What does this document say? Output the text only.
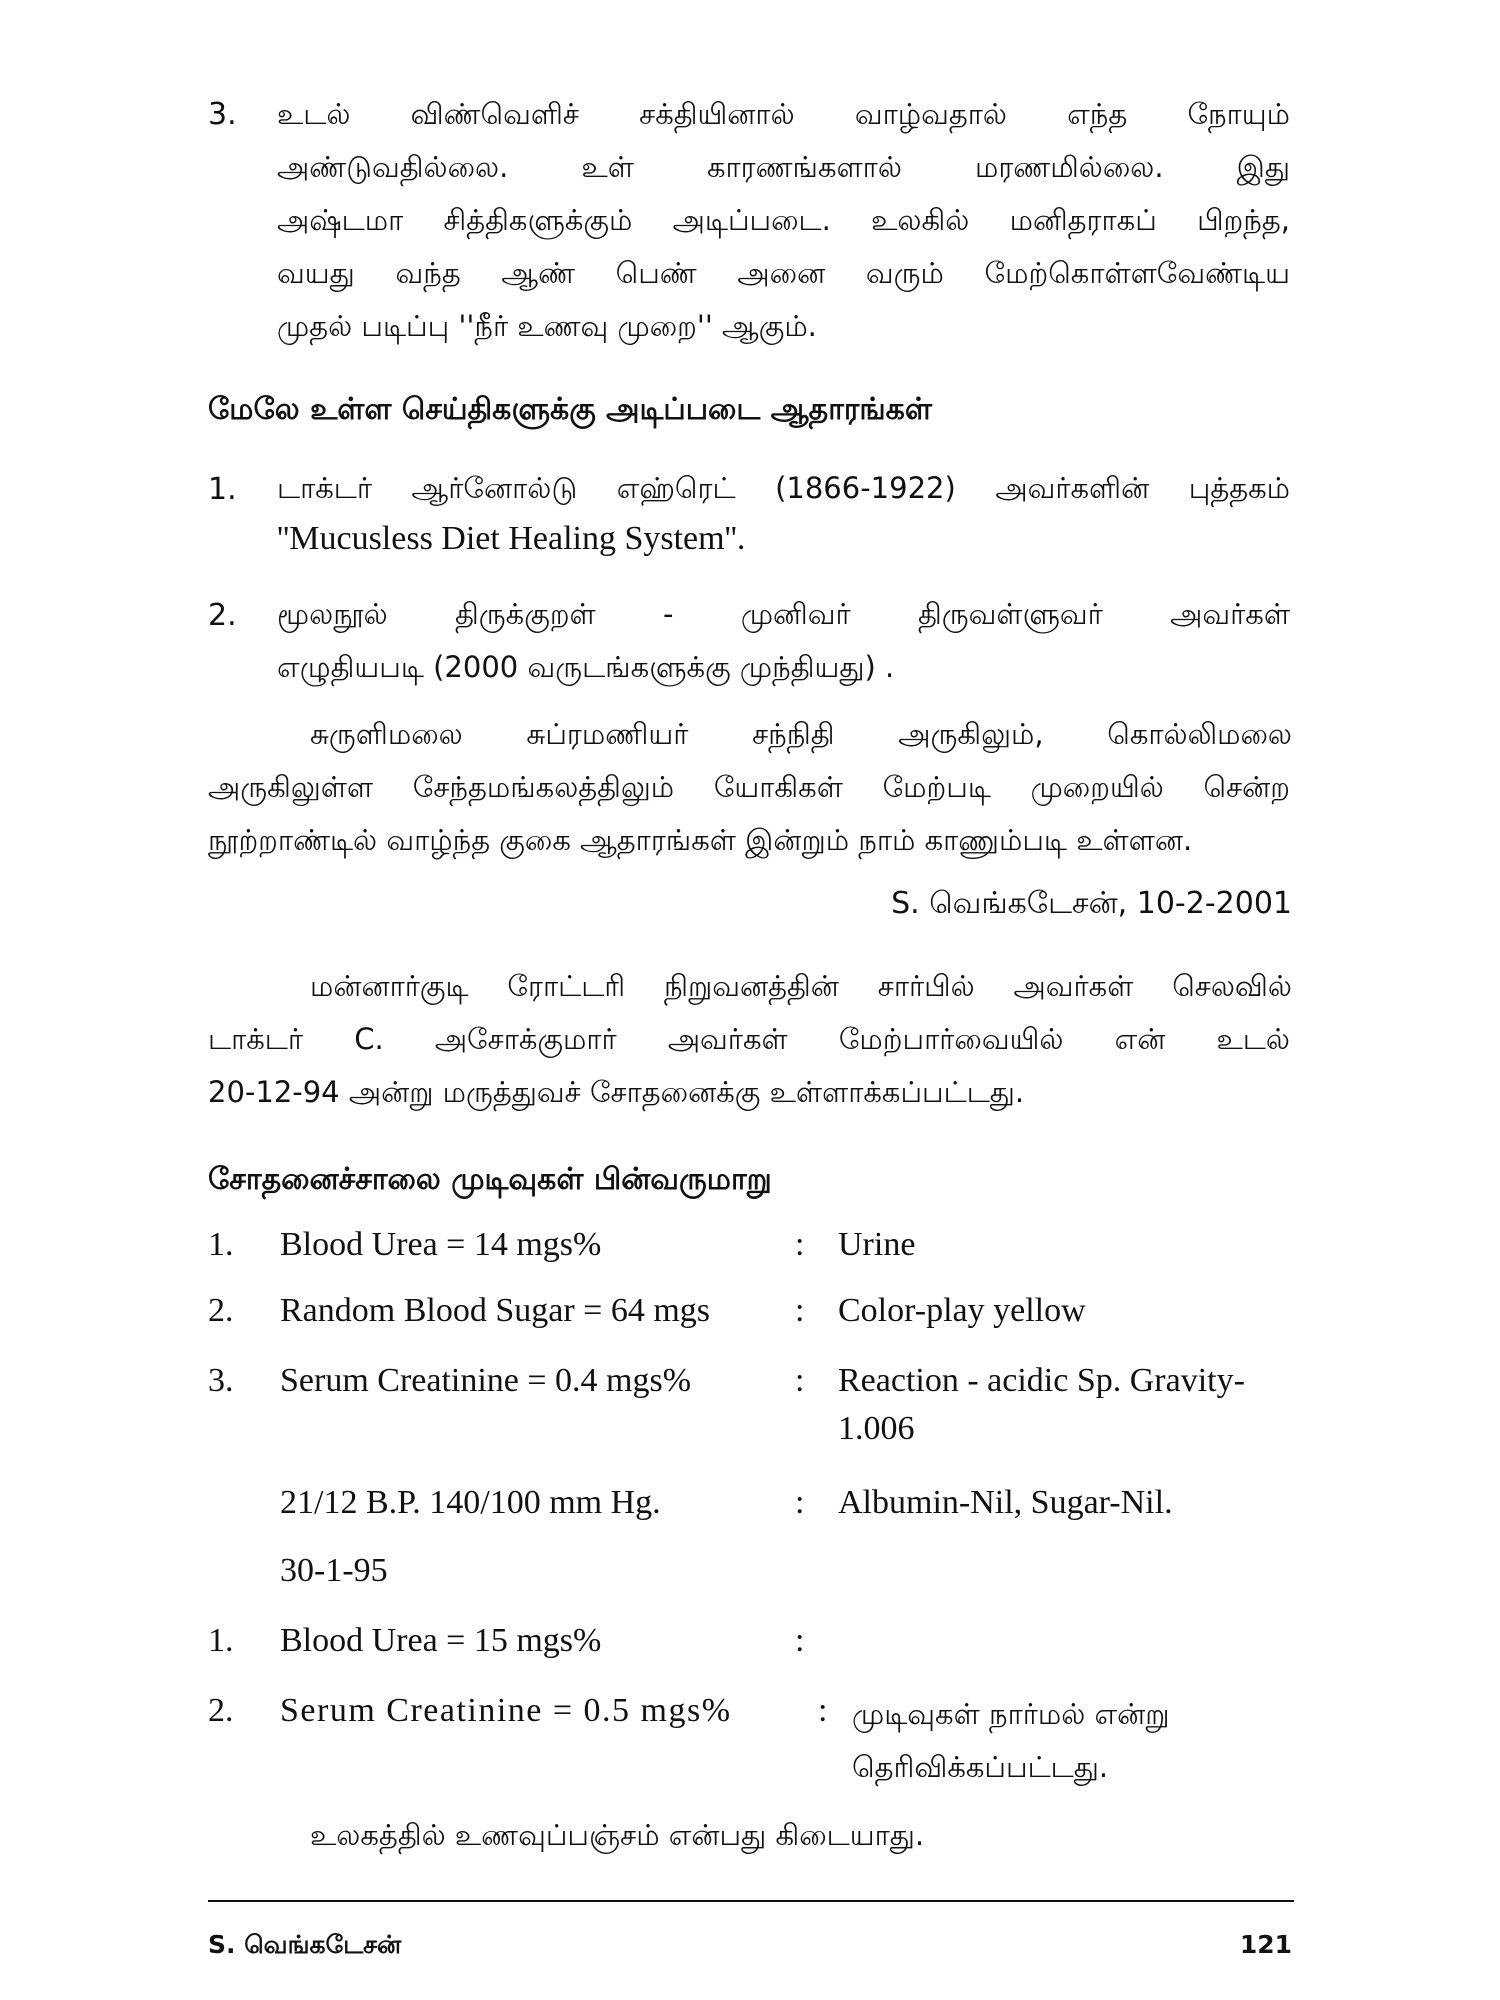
3.	உடல் விண்வெளிச் சக்தியினால் வாழ்வதால் எந்த நோயும்
அண்டுவதில்லை. உள் காரணங்களால் மரணமில்லை. இது
அஷ்டமா சித்திகளுக்கும் அடிப்படை. உலகில் மனிதராகப் பிறந்த,
வயது வந்த ஆண் பெண் அனை வரும் மேற்கொள்ளவேண்டிய
முதல் படிப்பு ''நீர் உணவு முறை'' ஆகும்.
மேலே உள்ள செய்திகளுக்கு அடிப்படை ஆதாரங்கள்
1.	டாக்டர் ஆர்னோல்டு எஹ்ரெட் (1866-1922) அவர்களின் புத்தகம்
''Mucusless Diet Healing System''.
2.	மூலநூல் திருக்குறள் - முனிவர் திருவள்ளுவர் அவர்கள்
எழுதியபடி (2000 வருடங்களுக்கு முந்தியது) .
சுருளிமலை சுப்ரமணியர் சந்நிதி அருகிலும், கொல்லிமலை
அருகிலுள்ள சேந்தமங்கலத்திலும் யோகிகள் மேற்படி முறையில் சென்ற
நூற்றாண்டில் வாழ்ந்த குகை ஆதாரங்கள் இன்றும் நாம் காணும்படி உள்ளன.
S. வெங்கடேசன், 10-2-2001
மன்னார்குடி ரோட்டரி நிறுவனத்தின் சார்பில் அவர்கள் செலவில்
டாக்டர் C. அசோக்குமார் அவர்கள் மேற்பார்வையில் என் உடல்
20-12-94 அன்று மருத்துவச் சோதனைக்கு உள்ளாக்கப்பட்டது.
சோதனைச்சாலை முடிவுகள் பின்வருமாறு
1. Blood Urea = 14 mgs%	: Urine
2. Random Blood Sugar = 64 mgs : Color-play yellow
3. Serum Creatinine = 0.4 mgs%	: Reaction - acidic Sp. Gravity-1.006
21/12 B.P. 140/100 mm Hg.	: Albumin-Nil, Sugar-Nil.
30-1-95
1. Blood Urea = 15 mgs%	:
2. Serum Creatinine = 0.5 mgs%	: முடிவுகள் நார்மல் என்று தெரிவிக்கப்பட்டது.
உலகத்தில் உணவுப்பஞ்சம் என்பது கிடையாது.
S. வெங்கடேசன்	121
